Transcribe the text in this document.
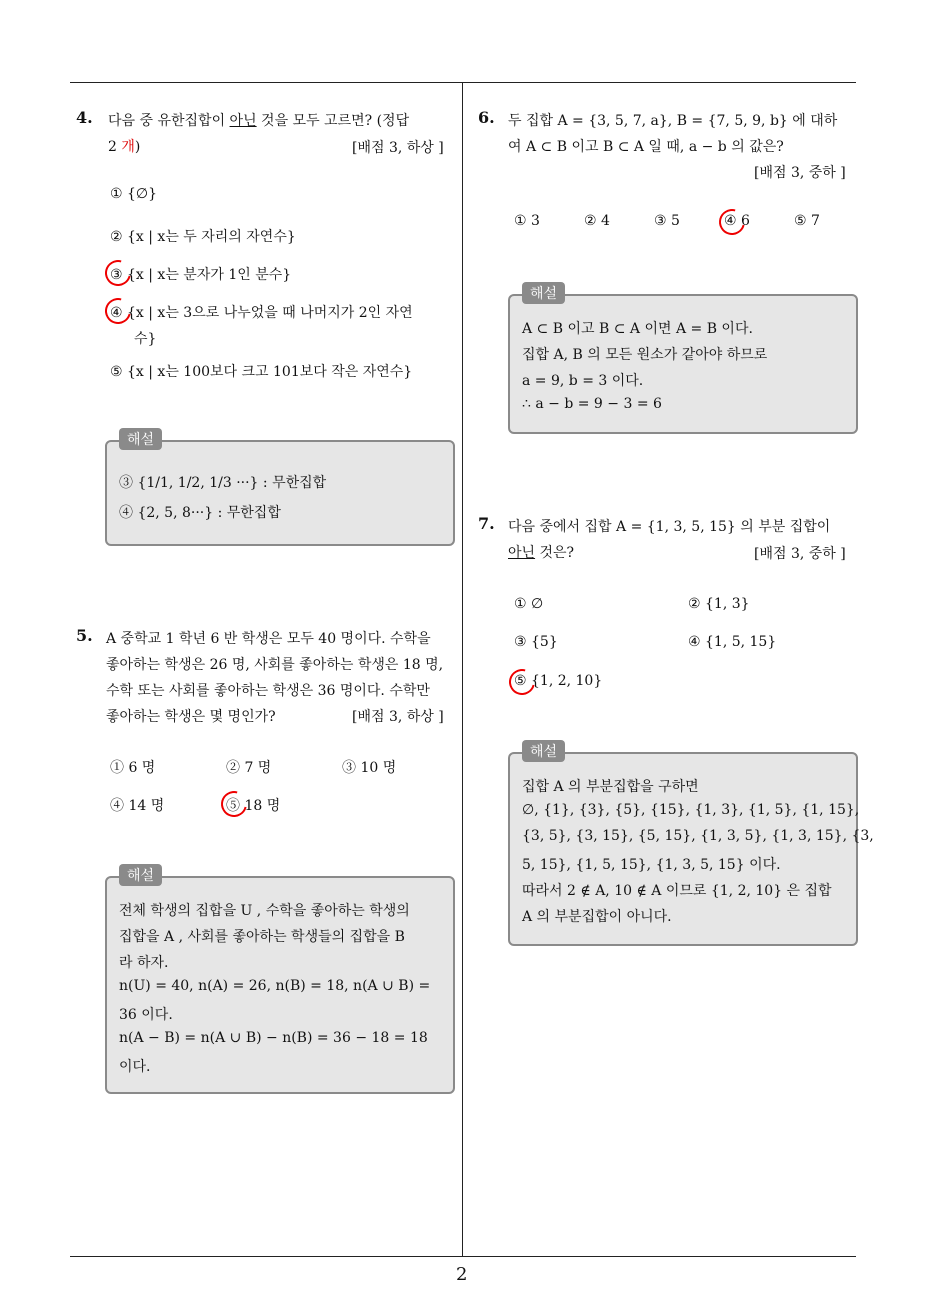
2
4. 다음 중 유한집합이 아닌 것을 모두 고르면? (정답
2 개)	[배점 3, 하상 ]
① {∅}
② {x | x는 두 자리의 자연수}
③ {x | x는 분자가 1인 분수}
④ {x | x는 3으로 나누었을 때 나머지가 2인 자연
수}
⑤ {x | x는 100보다 크고 101보다 작은 자연수}
해설

③ {1/1, 1/2, 1/3 ···} : 무한집합

④ {2, 5, 8···} : 무한집합

5. A 중학교 1 학년 6 반 학생은 모두 40 명이다. 수학을
좋아하는 학생은 26 명, 사회를 좋아하는 학생은 18 명,
수학 또는 사회를 좋아하는 학생은 36 명이다. 수학만
좋아하는 학생은 몇 명인가?	[배점 3, 하상 ]
① 6 명	② 7 명	③ 10 명
④ 14 명	⑤ 18 명
해설

전체 학생의 집합을 U , 수학을 좋아하는 학생의

집합을 A , 사회를 좋아하는 학생들의 집합을 B

라 하자.

n(U) = 40, n(A) = 26, n(B) = 18, n(A ∪ B) =

36 이다.

n(A − B) = n(A ∪ B) − n(B) = 36 − 18 = 18

이다.

6. 두 집합 A = {3, 5, 7, a}, B = {7, 5, 9, b} 에 대하
여 A ⊂ B 이고 B ⊂ A 일 때, a − b 의 값은?
[배점 3, 중하 ]
① 3	② 4	③ 5	④ 6	⑤ 7
해설

A ⊂ B 이고 B ⊂ A 이면 A = B 이다.

집합 A, B 의 모든 원소가 같아야 하므로

a = 9, b = 3 이다.

∴ a − b = 9 − 3 = 6

7. 다음 중에서 집합 A = {1, 3, 5, 15} 의 부분 집합이
아닌 것은?	[배점 3, 중하 ]
① ∅	② {1, 3}
③ {5}	④ {1, 5, 15}
⑤ {1, 2, 10}
해설

집합 A 의 부분집합을 구하면

∅, {1}, {3}, {5}, {15}, {1, 3}, {1, 5}, {1, 15},

{3, 5}, {3, 15}, {5, 15}, {1, 3, 5}, {1, 3, 15}, {3,

5, 15}, {1, 5, 15}, {1, 3, 5, 15} 이다.

따라서 2 ∉ A, 10 ∉ A 이므로 {1, 2, 10} 은 집합

A 의 부분집합이 아니다.
